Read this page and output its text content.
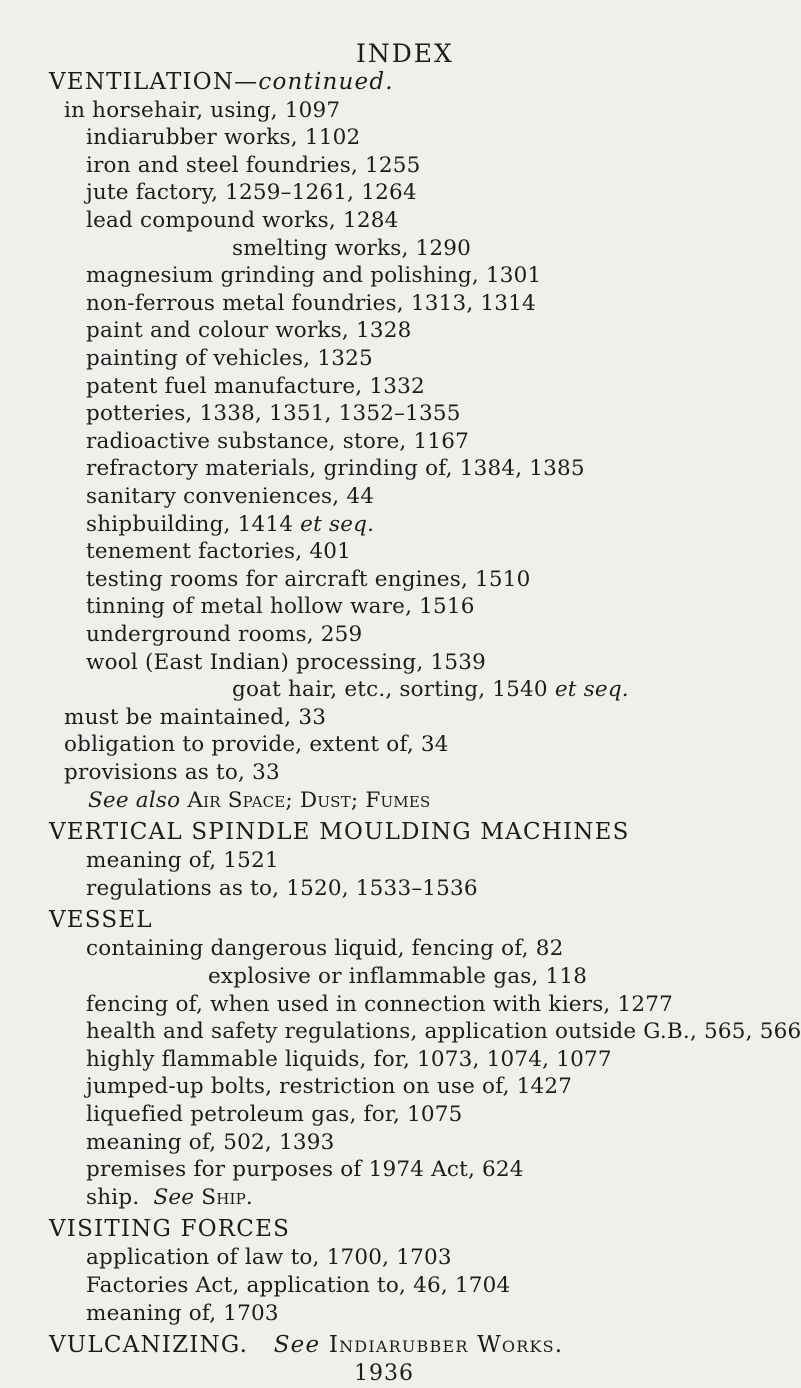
INDEX
VENTILATION—continued.
in horsehair, using, 1097
indiarubber works, 1102
iron and steel foundries, 1255
jute factory, 1259–1261, 1264
lead compound works, 1284
smelting works, 1290
magnesium grinding and polishing, 1301
non-ferrous metal foundries, 1313, 1314
paint and colour works, 1328
painting of vehicles, 1325
patent fuel manufacture, 1332
potteries, 1338, 1351, 1352–1355
radioactive substance, store, 1167
refractory materials, grinding of, 1384, 1385
sanitary conveniences, 44
shipbuilding, 1414 et seq.
tenement factories, 401
testing rooms for aircraft engines, 1510
tinning of metal hollow ware, 1516
underground rooms, 259
wool (East Indian) processing, 1539
goat hair, etc., sorting, 1540 et seq.
must be maintained, 33
obligation to provide, extent of, 34
provisions as to, 33
See also Air Space; Dust; Fumes
VERTICAL SPINDLE MOULDING MACHINES
meaning of, 1521
regulations as to, 1520, 1533–1536
VESSEL
containing dangerous liquid, fencing of, 82
explosive or inflammable gas, 118
fencing of, when used in connection with kiers, 1277
health and safety regulations, application outside G.B., 565, 566
highly flammable liquids, for, 1073, 1074, 1077
jumped-up bolts, restriction on use of, 1427
liquefied petroleum gas, for, 1075
meaning of, 502, 1393
premises for purposes of 1974 Act, 624
ship. See Ship.
VISITING FORCES
application of law to, 1700, 1703
Factories Act, application to, 46, 1704
meaning of, 1703
VULCANIZING. See Indiarubber Works.
1936
